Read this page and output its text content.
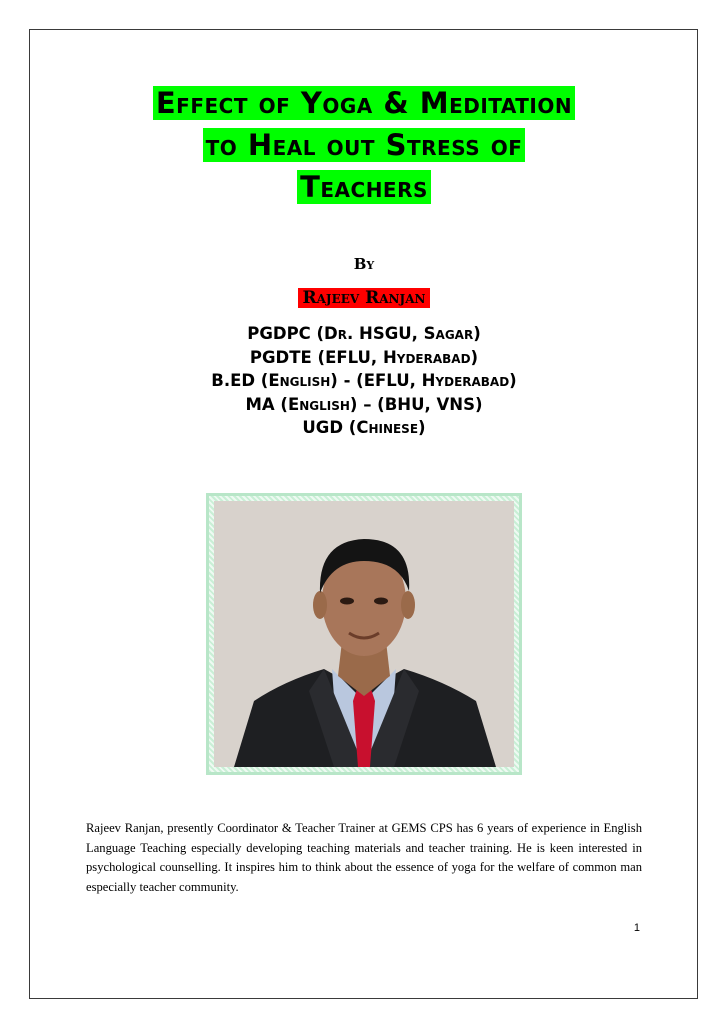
Effect of Yoga & Meditation
to Heal out Stress of
Teachers
By
Rajeev Ranjan
PGDPC (Dr. HSGU, Sagar)
PGDTE (EFLU, Hyderabad)
B.ED (English) - (EFLU, Hyderabad)
MA (English) – (BHU, VNS)
UGD (Chinese)
Rajeev Ranjan, presently Coordinator & Teacher Trainer at GEMS CPS has 6 years of experience in English Language Teaching especially developing teaching materials and teacher training. He is keen interested in psychological counselling. It inspires him to think about the essence of yoga for the welfare of common man especially teacher community.
1
